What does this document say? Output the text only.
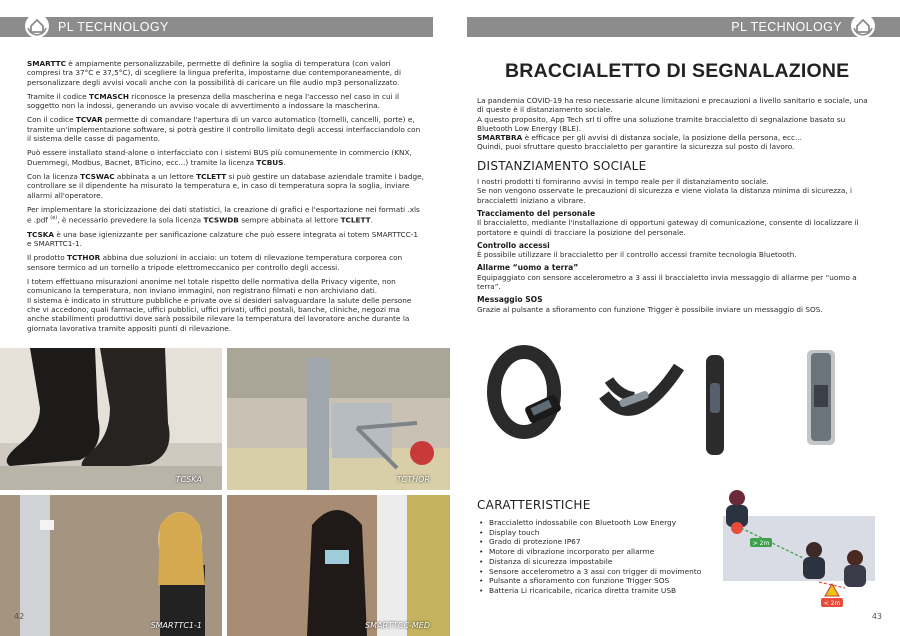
PL TECHNOLOGY	PL TECHNOLOGY

SMARTTC è ampiamente personalizzabile, permette di definire la soglia di temperatura (con valori compresi tra 37°C e 37,5°C), di scegliere la lingua preferita, impostarne due contemporaneamente, di personalizzare degli avvisi vocali anche con la possibilità di caricare un file audio mp3 personalizzato.

Tramite il codice TCMASCH riconosce la presenza della mascherina e nega l'accesso nel caso in cui il soggetto non la indossi, generando un avviso vocale di avvertimento a indossare la mascherina.

Con il codice TCVAR permette di comandare l'apertura di un varco automatico (tornelli, cancelli, porte) e, tramite un'implementazione software, si potrà gestire il controllo limitato degli accessi interfacciandolo con il sistema delle casse di pagamento.

Può essere installato stand-alone o interfacciato con i sistemi BUS più comunemente in commercio (KNX, Duemmegi, Modbus, Bacnet, BTicino, ecc...) tramite la licenza TCBUS.

Con la licenza TCSWAC abbinata a un lettore TCLETT si può gestire un database aziendale tramite i badge, controllare se il dipendente ha misurato la temperatura e, in caso di temperatura sopra la soglia, inviare allarmi all'operatore.

Per implementare la storicizzazione dei dati statistici, la creazione di grafici e l'esportazione nei formati .xls e .pdf $^{(e)}$, è necessario prevedere la sola licenza TCSWDB sempre abbinata al lettore TCLETT.

TCSKA è una base igienizzante per sanificazione calzature che può essere integrata ai totem SMARTTCC-1 e SMARTTC1-1.

Il prodotto TCTHOR abbina due soluzioni in acciaio: un totem di rilevazione temperatura corporea con sensore termico ad un tornello a tripode elettromeccanico per controllo degli accessi.

I totem effettuano misurazioni anonime nel totale rispetto delle normativa della Privacy vigente, non comunicano la temperatura, non inviano immagini, non registrano filmati e non archiviano dati.
Il sistema è indicato in strutture pubbliche e private ove si desideri salvaguardare la salute delle persone che vi accedono, quali farmacie, uffici pubblici, uffici privati, uffici postali, banche, cliniche, negozi ma anche stabilimenti produttivi dove sarà possibile rilevare la temperatura del lavoratore anche durante la giornata lavorativa tramite appositi punti di rilevazione.

TCSKA	TCTHOR
SMARTTC1-1	SMARTTCC-MED
42	43
BRACCIALETTO DI SEGNALAZIONE

La pandemia COVID-19 ha reso necessarie alcune limitazioni e precauzioni a livello sanitario e sociale, una di queste è il distanziamento sociale.
A questo proposito, App Tech srl ti offre una soluzione tramite braccialetto di segnalazione basato su Bluetooth Low Energy (BLE).
SMARTBRA è efficace per gli avvisi di distanza sociale, la posizione della persona, ecc...
Quindi, puoi sfruttare questo braccialetto per garantire la sicurezza sul posto di lavoro.

DISTANZIAMENTO SOCIALE

I nostri prodotti ti forniranno avvisi in tempo reale per il distanziamento sociale.
Se non vengono osservate le precauzioni di sicurezza e viene violata la distanza minima di sicurezza, i braccialetti iniziano a vibrare.

Tracciamento del personale

Il braccialetto, mediante l'installazione di opportuni gateway di comunicazione, consente di localizzare il portatore e quindi di tracciare la posizione del personale.

Controllo accessi

È possibile utilizzare il braccialetto per il controllo accessi tramite tecnologia Bluetooth.

Allarme “uomo a terra”

Equipaggiato con sensore accelerometro a 3 assi il braccialetto invia messaggio di allarme per “uomo a terra”.

Messaggio SOS

Grazie al pulsante a sfioramento con funzione Trigger è possibile inviare un messaggio di SOS.

CARATTERISTICHE
• Braccialetto indossabile con Bluetooth Low Energy
• Display touch
• Grado di protezione IP67
• Motore di vibrazione incorporato per allarme
• Distanza di sicurezza impostabile
• Sensore accelerometro a 3 assi con trigger di movimento
• Pulsante a sfioramento con funzione Trigger SOS
• Batteria Li ricaricabile, ricarica diretta tramite USB
> 2m
< 2m
